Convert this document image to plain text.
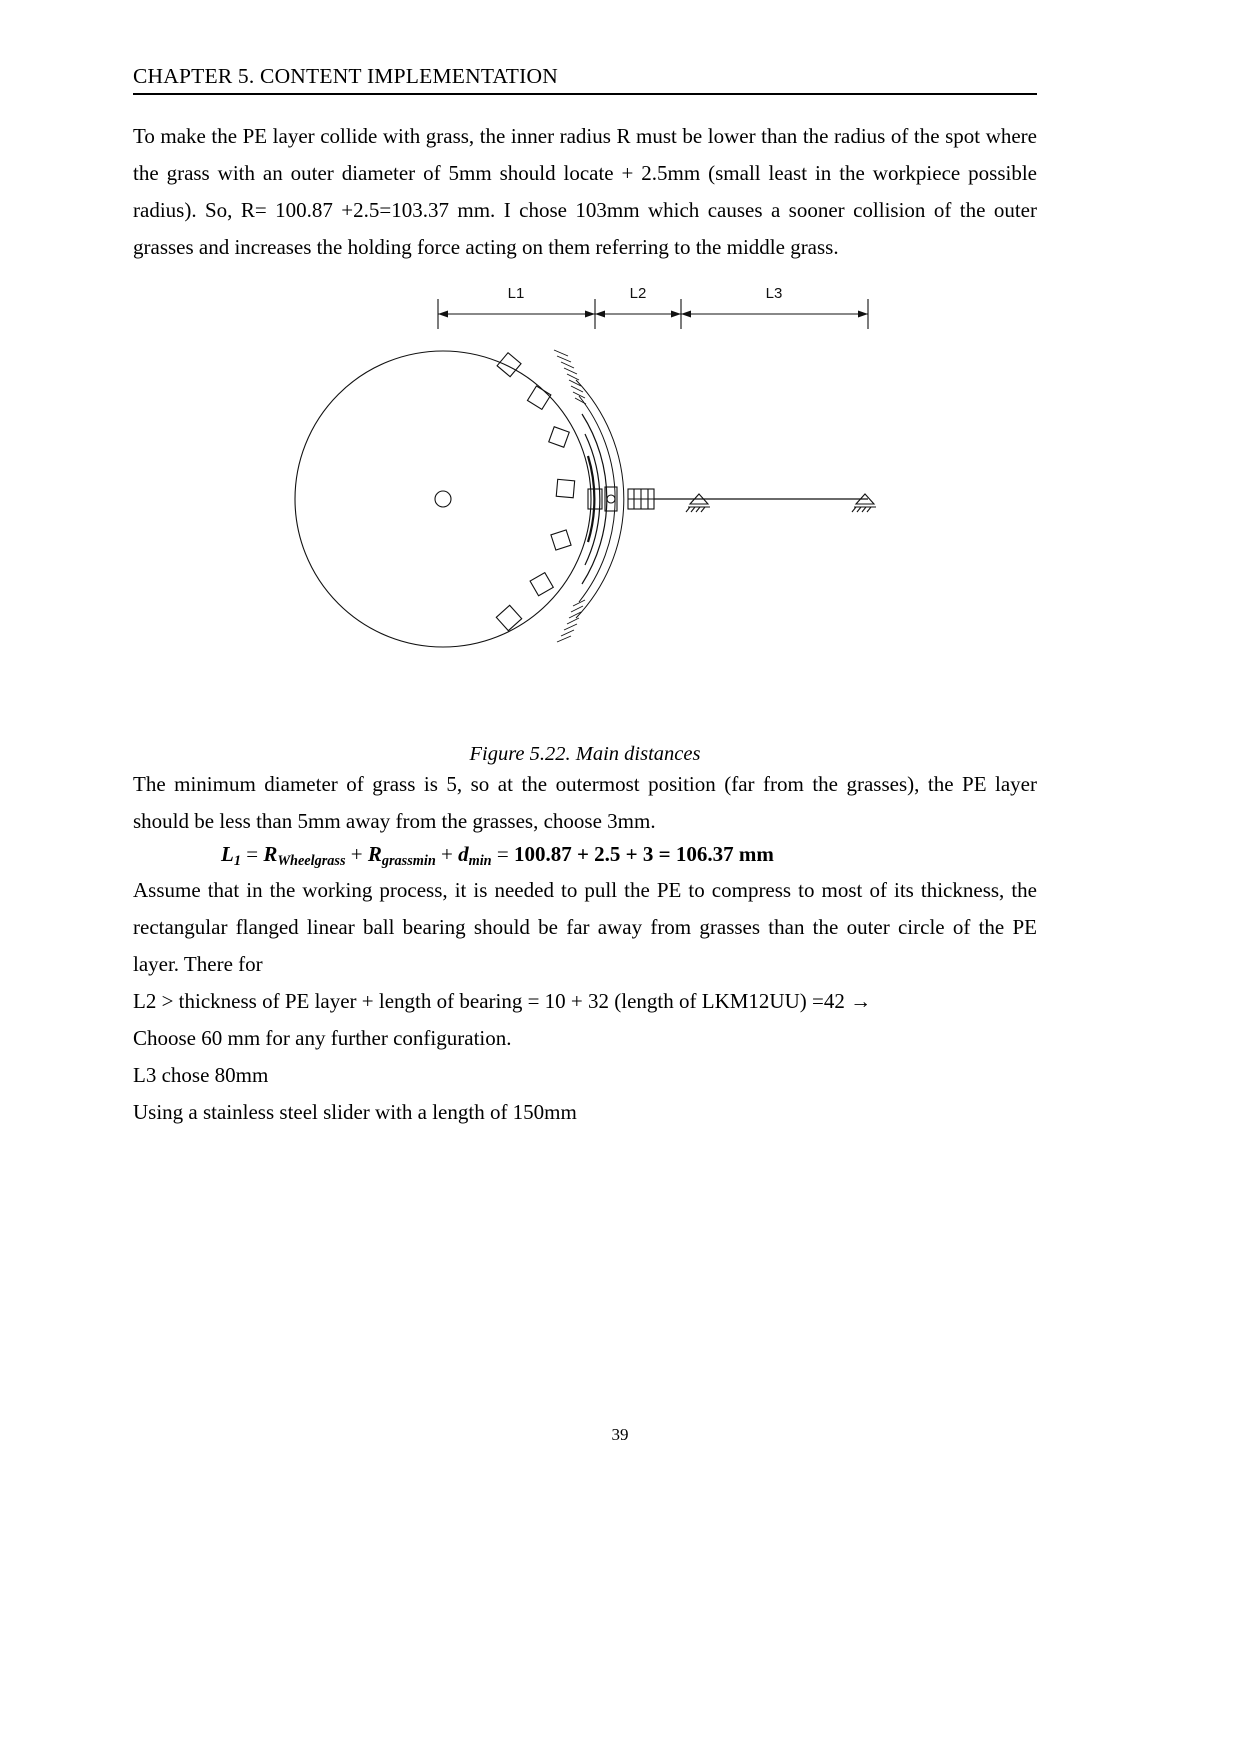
CHAPTER 5. CONTENT IMPLEMENTATION

To make the PE layer collide with grass, the inner radius R must be lower than the radius of the spot where the grass with an outer diameter of 5mm should locate + 2.5mm (small least in the workpiece possible radius). So, R= 100.87 +2.5=103.37 mm. I chose 103mm which causes a sooner collision of the outer grasses and increases the holding force acting on them referring to the middle grass.

L1	L2	L3
Figure 5.22. Main distances

The minimum diameter of grass is 5, so at the outermost position (far from the grasses), the PE layer should be less than 5mm away from the grasses, choose 3mm.

$L_1 = R_{Wheelgrass} + R_{grassmin} + d_{min} = 100.87 + 2.5 + 3 = 106.37$ mm

Assume that in the working process, it is needed to pull the PE to compress to most of its thickness, the rectangular flanged linear ball bearing should be far away from grasses than the outer circle of the PE layer. There for

L2 > thickness of PE layer + length of bearing = 10 + 32 (length of LKM12UU) =42 →

Choose 60 mm for any further configuration.

L3 chose 80mm

Using a stainless steel slider with a length of 150mm

39
